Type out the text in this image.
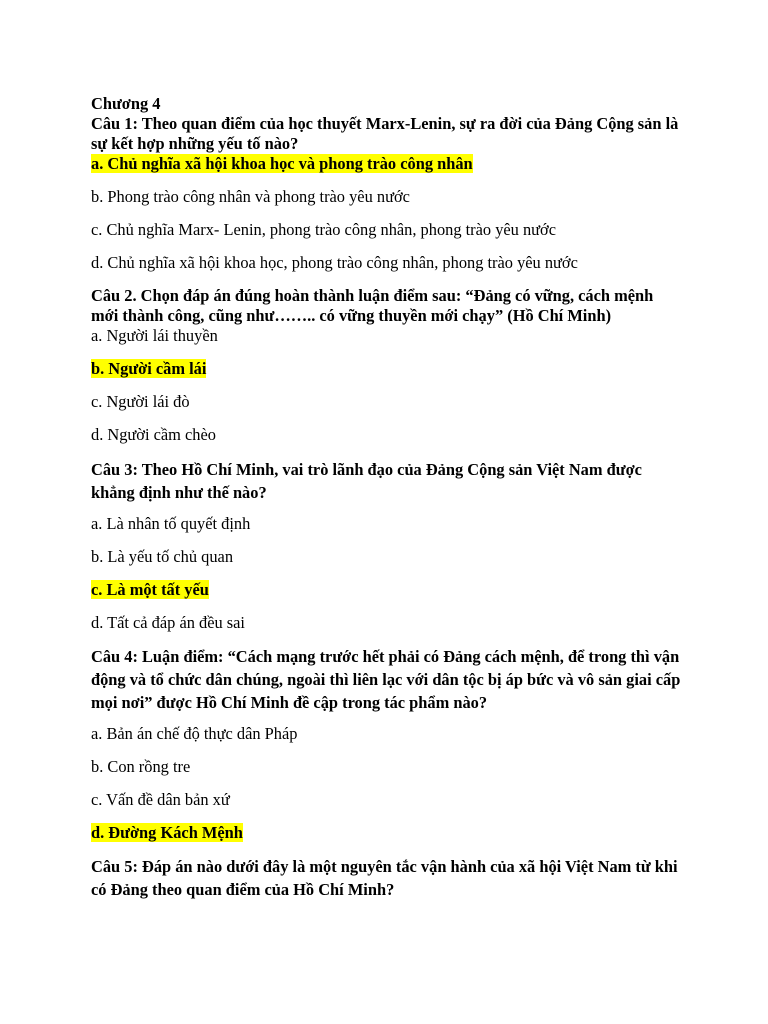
Chương 4
Câu 1: Theo quan điểm của học thuyết Marx-Lenin, sự ra đời của Đảng Cộng sản là sự kết hợp những yếu tố nào?
a. Chủ nghĩa xã hội khoa học và phong trào công nhân
b. Phong trào công nhân và phong trào yêu nước
c. Chủ nghĩa Marx- Lenin, phong trào công nhân, phong trào yêu nước
d. Chủ nghĩa xã hội khoa học, phong trào công nhân, phong trào yêu nước
Câu 2. Chọn đáp án đúng hoàn thành luận điểm sau: “Đảng có vững, cách mệnh mới thành công, cũng như…….. có vững thuyền mới chạy” (Hồ Chí Minh)
a. Người lái thuyền
b. Người cầm lái
c. Người lái đò
d. Người cầm chèo
Câu 3: Theo Hồ Chí Minh, vai trò lãnh đạo của Đảng Cộng sản Việt Nam được khẳng định như thế nào?
a. Là nhân tố quyết định
b. Là yếu tố chủ quan
c. Là một tất yếu
d. Tất cả đáp án đều sai
Câu 4: Luận điểm: “Cách mạng trước hết phải có Đảng cách mệnh, để trong thì vận động và tổ chức dân chúng, ngoài thì liên lạc với dân tộc bị áp bức và vô sản giai cấp mọi nơi” được Hồ Chí Minh đề cập trong tác phẩm nào?
a. Bản án chế độ thực dân Pháp
b. Con rồng tre
c. Vấn đề dân bản xứ
d. Đường Kách Mệnh
Câu 5: Đáp án nào dưới đây là một nguyên tắc vận hành của xã hội Việt Nam từ khi có Đảng theo quan điểm của Hồ Chí Minh?
